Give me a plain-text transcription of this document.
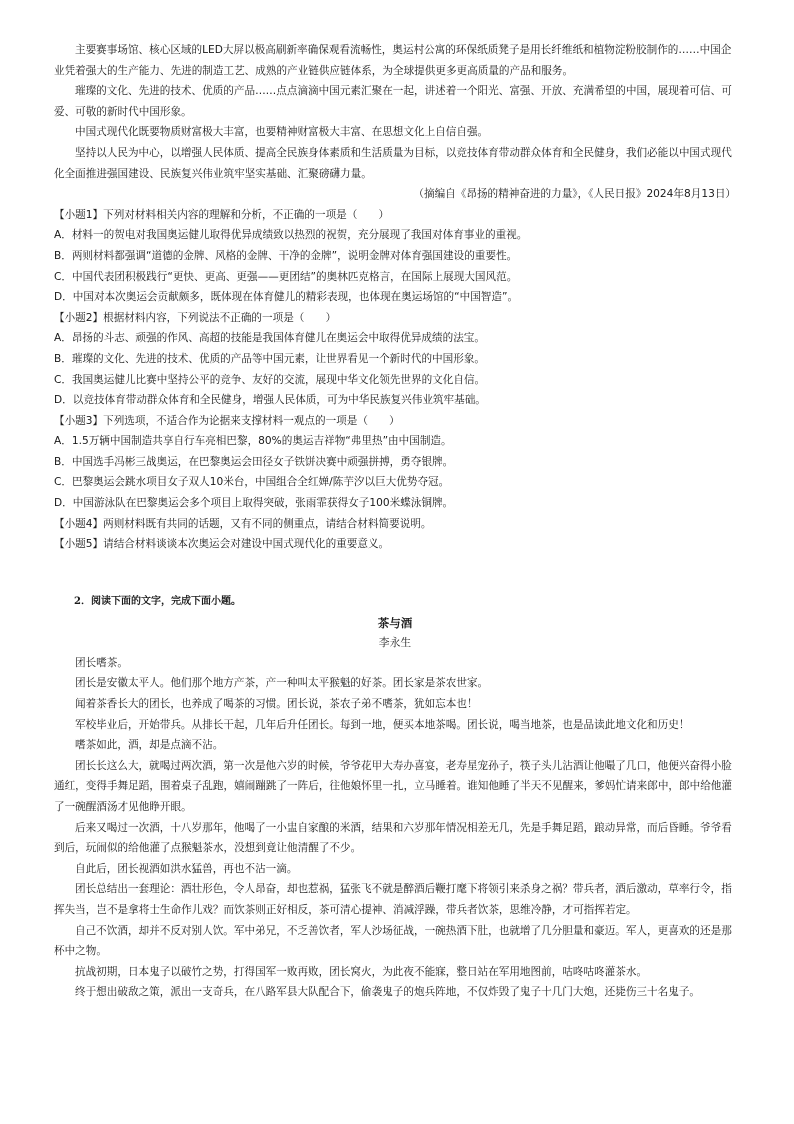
主要赛事场馆、核心区域的LED大屏以极高刷新率确保观看流畅性，奥运村公寓的环保纸质凳子是用长纤维纸和植物淀粉胶制作的……中国企业凭着强大的生产能力、先进的制造工艺、成熟的产业链供应链体系，为全球提供更多更高质量的产品和服务。

璀璨的文化、先进的技术、优质的产品……点点滴滴中国元素汇聚在一起，讲述着一个阳光、富强、开放、充满希望的中国，展现着可信、可爱、可敬的新时代中国形象。

中国式现代化既要物质财富极大丰富，也要精神财富极大丰富、在思想文化上自信自强。

坚持以人民为中心，以增强人民体质、提高全民族身体素质和生活质量为目标，以竞技体育带动群众体育和全民健身，我们必能以中国式现代化全面推进强国建设、民族复兴伟业筑牢坚实基础、汇聚磅礴力量。

（摘编自《昂扬的精神奋进的力量》，《人民日报》2024年8月13日）

【小题1】下列对材料相关内容的理解和分析，不正确的一项是（　　）

A．材料一的贺电对我国奥运健儿取得优异成绩致以热烈的祝贺，充分展现了我国对体育事业的重视。

B．两则材料都强调“道德的金牌、风格的金牌、干净的金牌”，说明金牌对体育强国建设的重要性。

C．中国代表团积极践行“更快、更高、更强——更团结”的奥林匹克格言，在国际上展现大国风范。

D．中国对本次奥运会贡献颇多，既体现在体育健儿的精彩表现，也体现在奥运场馆的“中国智造”。

【小题2】根据材料内容，下列说法不正确的一项是（　　）

A．昂扬的斗志、顽强的作风、高超的技能是我国体育健儿在奥运会中取得优异成绩的法宝。

B．璀璨的文化、先进的技术、优质的产品等中国元素，让世界看见一个新时代的中国形象。

C．我国奥运健儿比赛中坚持公平的竞争、友好的交流，展现中华文化领先世界的文化自信。

D．以竞技体育带动群众体育和全民健身，增强人民体质，可为中华民族复兴伟业筑牢基础。

【小题3】下列选项，不适合作为论据来支撑材料一观点的一项是（　　）

A．1.5万辆中国制造共享自行车亮相巴黎，80%的奥运吉祥物“弗里热”由中国制造。

B．中国选手冯彬三战奥运，在巴黎奥运会田径女子铁饼决赛中顽强拼搏，勇夺银牌。

C．巴黎奥运会跳水项目女子双人10米台，中国组合全红婵/陈芋汐以巨大优势夺冠。

D．中国游泳队在巴黎奥运会多个项目上取得突破，张雨霏获得女子100米蝶泳铜牌。

【小题4】两则材料既有共同的话题，又有不同的侧重点，请结合材料简要说明。

【小题5】请结合材料谈谈本次奥运会对建设中国式现代化的重要意义。

2．阅读下面的文字，完成下面小题。

茶与酒

李永生

团长嗜茶。

团长是安徽太平人。他们那个地方产茶，产一种叫太平猴魁的好茶。团长家是茶农世家。

闻着茶香长大的团长，也养成了喝茶的习惯。团长说，茶农子弟不嗜茶，犹如忘本也！

军校毕业后，开始带兵。从排长干起，几年后升任团长。每到一地，便买本地茶喝。团长说，喝当地茶，也是品读此地文化和历史！

嗜茶如此，酒，却是点滴不沾。

团长长这么大，就喝过两次酒，第一次是他六岁的时候，爷爷花甲大寿办喜宴，老寿星宠孙子，筷子头儿沾酒让他嘬了几口，他便兴奋得小脸通红，变得手舞足蹈，围着桌子乱跑，嬉闹蹦跳了一阵后，往他娘怀里一扎，立马睡着。谁知他睡了半天不见醒来，爹妈忙请来郎中，郎中给他灌了一碗醒酒汤才见他睁开眼。

后来又喝过一次酒，十八岁那年，他喝了一小盅自家酿的米酒，结果和六岁那年情况相差无几，先是手舞足蹈，踉动异常，而后昏睡。爷爷看到后，玩闹似的给他灌了点猴魁茶水，没想到竟让他清醒了不少。

自此后，团长视酒如洪水猛兽，再也不沾一滴。

团长总结出一套理论：酒壮形色，令人昂奋，却也惹祸，猛张飞不就是醉酒后鞭打麾下将领引来杀身之祸？带兵者，酒后激动，草率行令，指挥失当，岂不是拿将士生命作儿戏？而饮茶则正好相反，茶可清心提神、消减浮躁，带兵者饮茶，思维冷静，才可指挥若定。

自己不饮酒，却并不反对别人饮。军中弟兄，不乏善饮者，军人沙场征战，一碗热酒下肚，也就增了几分胆量和豪迈。军人，更喜欢的还是那杯中之物。

抗战初期，日本鬼子以破竹之势，打得国军一败再败，团长窝火，为此夜不能寐，整日站在军用地图前，咕咚咕咚灌茶水。

终于想出破敌之策，派出一支奇兵，在八路军县大队配合下，偷袭鬼子的炮兵阵地，不仅炸毁了鬼子十几门大炮，还毙伤三十名鬼子。
